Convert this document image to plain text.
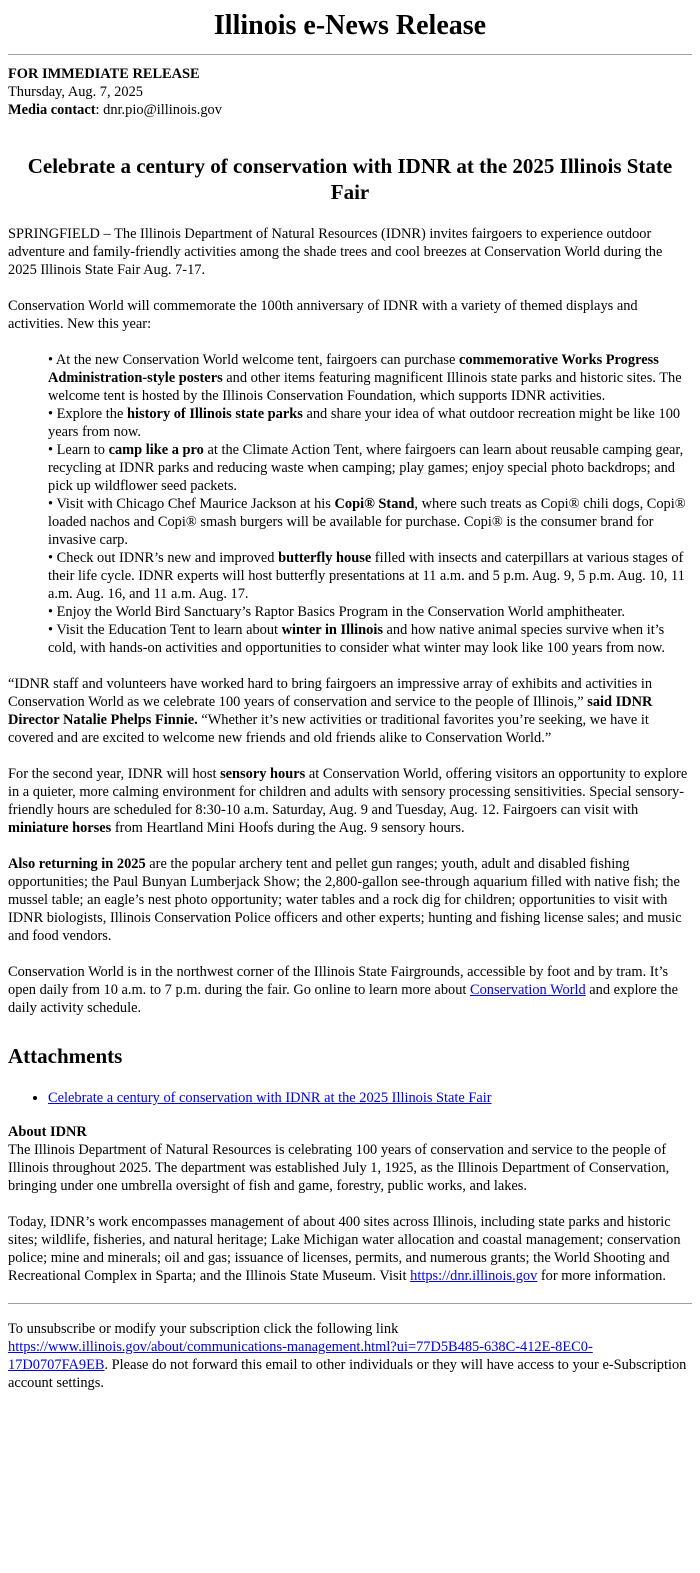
Illinois e-News Release

FOR IMMEDIATE RELEASE

Thursday, Aug. 7, 2025

Media contact: dnr.pio@illinois.gov

Celebrate a century of conservation with IDNR at the 2025 Illinois State Fair

SPRINGFIELD – The Illinois Department of Natural Resources (IDNR) invites fairgoers to experience outdoor adventure and family-friendly activities among the shade trees and cool breezes at Conservation World during the 2025 Illinois State Fair Aug. 7-17.

Conservation World will commemorate the 100th anniversary of IDNR with a variety of themed displays and activities. New this year:

• At the new Conservation World welcome tent, fairgoers can purchase commemorative Works Progress Administration-style posters and other items featuring magnificent Illinois state parks and historic sites. The welcome tent is hosted by the Illinois Conservation Foundation, which supports IDNR activities.
• Explore the history of Illinois state parks and share your idea of what outdoor recreation might be like 100 years from now.
• Learn to camp like a pro at the Climate Action Tent, where fairgoers can learn about reusable camping gear, recycling at IDNR parks and reducing waste when camping; play games; enjoy special photo backdrops; and pick up wildflower seed packets.
• Visit with Chicago Chef Maurice Jackson at his Copi® Stand, where such treats as Copi® chili dogs, Copi® loaded nachos and Copi® smash burgers will be available for purchase. Copi® is the consumer brand for invasive carp.
• Check out IDNR’s new and improved butterfly house filled with insects and caterpillars at various stages of their life cycle. IDNR experts will host butterfly presentations at 11 a.m. and 5 p.m. Aug. 9, 5 p.m. Aug. 10, 11 a.m. Aug. 16, and 11 a.m. Aug. 17.
• Enjoy the World Bird Sanctuary’s Raptor Basics Program in the Conservation World amphitheater.
• Visit the Education Tent to learn about winter in Illinois and how native animal species survive when it’s cold, with hands-on activities and opportunities to consider what winter may look like 100 years from now.

“IDNR staff and volunteers have worked hard to bring fairgoers an impressive array of exhibits and activities in Conservation World as we celebrate 100 years of conservation and service to the people of Illinois,” said IDNR Director Natalie Phelps Finnie. “Whether it’s new activities or traditional favorites you’re seeking, we have it covered and are excited to welcome new friends and old friends alike to Conservation World.”

For the second year, IDNR will host sensory hours at Conservation World, offering visitors an opportunity to explore in a quieter, more calming environment for children and adults with sensory processing sensitivities. Special sensory-friendly hours are scheduled for 8:30-10 a.m. Saturday, Aug. 9 and Tuesday, Aug. 12. Fairgoers can visit with miniature horses from Heartland Mini Hoofs during the Aug. 9 sensory hours.

Also returning in 2025 are the popular archery tent and pellet gun ranges; youth, adult and disabled fishing opportunities; the Paul Bunyan Lumberjack Show; the 2,800-gallon see-through aquarium filled with native fish; the mussel table; an eagle’s nest photo opportunity; water tables and a rock dig for children; opportunities to visit with IDNR biologists, Illinois Conservation Police officers and other experts; hunting and fishing license sales; and music and food vendors.

Conservation World is in the northwest corner of the Illinois State Fairgrounds, accessible by foot and by tram. It’s open daily from 10 a.m. to 7 p.m. during the fair. Go online to learn more about Conservation World and explore the daily activity schedule.

Attachments
• Celebrate a century of conservation with IDNR at the 2025 Illinois State Fair
About IDNR

The Illinois Department of Natural Resources is celebrating 100 years of conservation and service to the people of Illinois throughout 2025. The department was established July 1, 1925, as the Illinois Department of Conservation, bringing under one umbrella oversight of fish and game, forestry, public works, and lakes.

Today, IDNR’s work encompasses management of about 400 sites across Illinois, including state parks and historic sites; wildlife, fisheries, and natural heritage; Lake Michigan water allocation and coastal management; conservation police; mine and minerals; oil and gas; issuance of licenses, permits, and numerous grants; the World Shooting and Recreational Complex in Sparta; and the Illinois State Museum. Visit https://dnr.illinois.gov for more information.

To unsubscribe or modify your subscription click the following link
https://www.illinois.gov/about/communications-management.html?ui=77D5B485-638C-412E-8EC0-17D0707FA9EB. Please do not forward this email to other individuals or they will have access to your e-Subscription account settings.
